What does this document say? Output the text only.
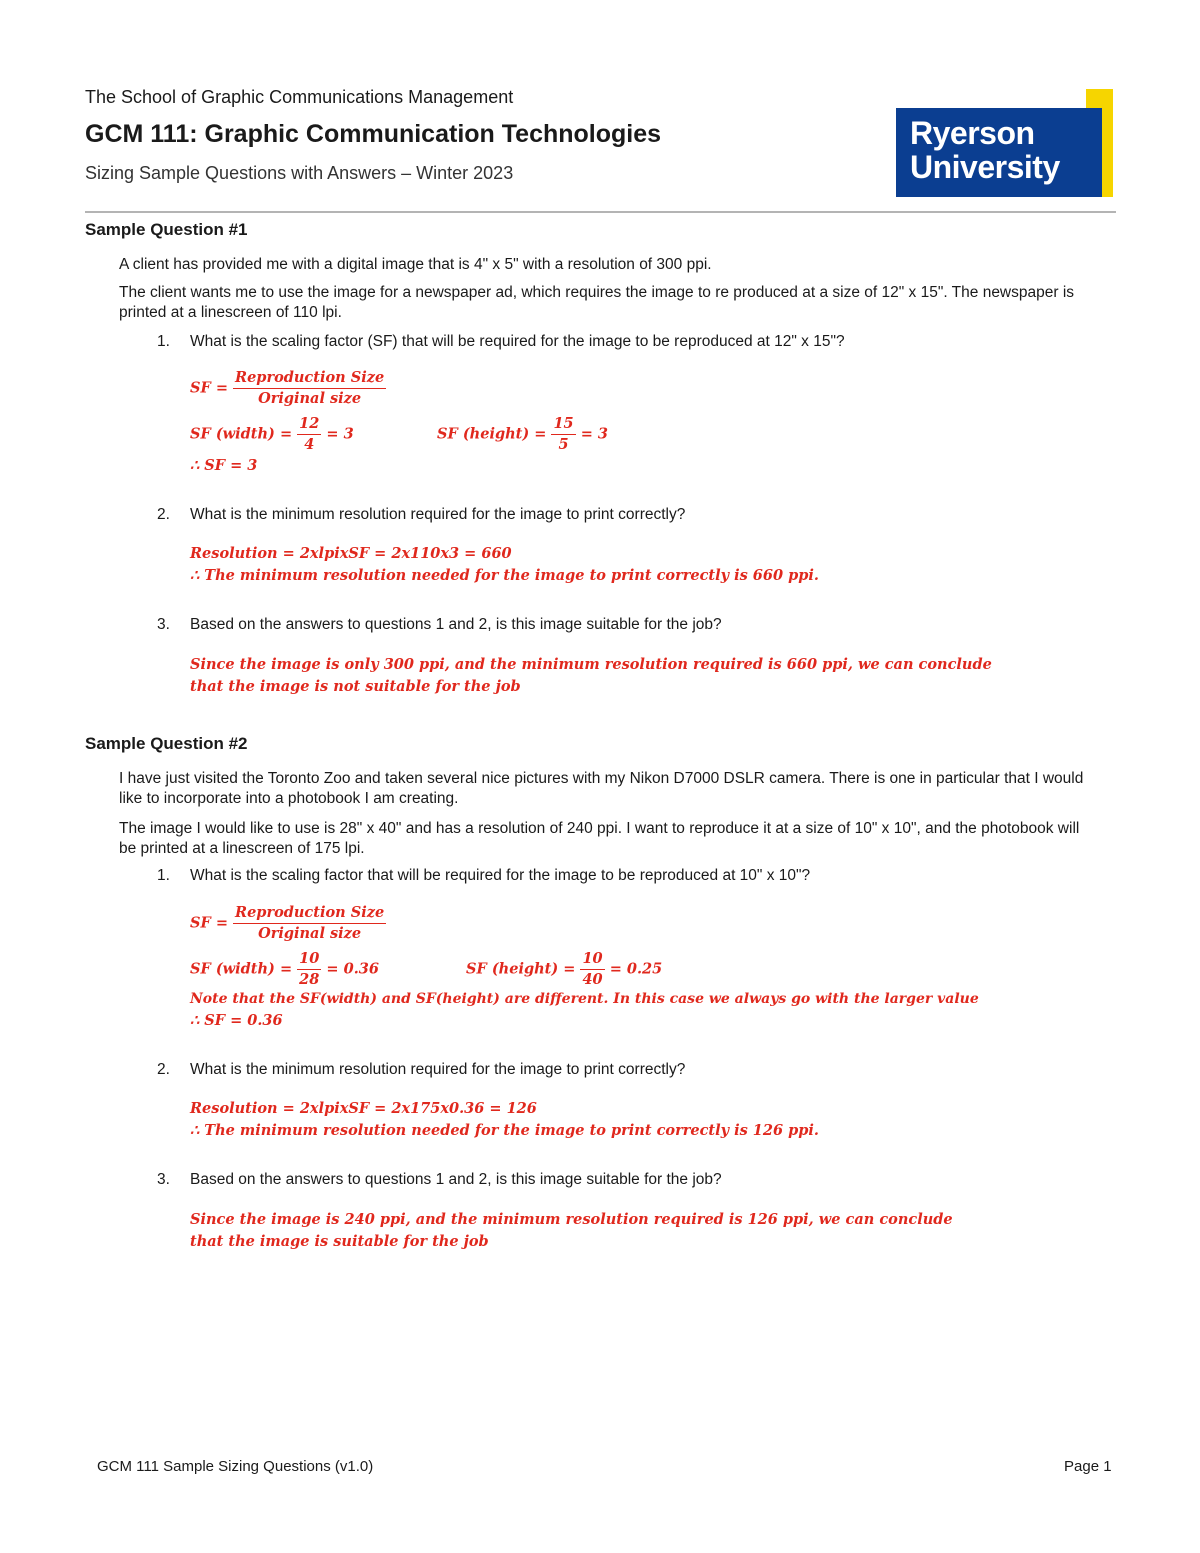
The School of Graphic Communications Management
GCM 111: Graphic Communication Technologies
Sizing Sample Questions with Answers – Winter 2023
Ryerson
University
Sample Question #1
A client has provided me with a digital image that is 4" x 5" with a resolution of 300 ppi.
The client wants me to use the image for a newspaper ad, which requires the image to re produced at a size of 12" x 15". The newspaper is printed at a linescreen of 110 lpi.
1. What is the scaling factor (SF) that will be required for the image to be reproduced at 12" x 15"?
SF = $\frac{\text{Reproduction Size}}{\text{Original size}}$
SF (width) = $\frac{12}{4} = 3$	SF (height) = $\frac{15}{5} = 3$
∴ SF = 3
2. What is the minimum resolution required for the image to print correctly?
Resolution = 2xlpixSF = 2x110x3 = 660
∴ The minimum resolution needed for the image to print correctly is 660 ppi.
3. Based on the answers to questions 1 and 2, is this image suitable for the job?
Since the image is only 300 ppi, and the minimum resolution required is 660 ppi, we can conclude
that the image is not suitable for the job
Sample Question #2
I have just visited the Toronto Zoo and taken several nice pictures with my Nikon D7000 DSLR camera. There is one in particular that I would like to incorporate into a photobook I am creating.
The image I would like to use is 28" x 40" and has a resolution of 240 ppi. I want to reproduce it at a size of 10" x 10", and the photobook will be printed at a linescreen of 175 lpi.
1. What is the scaling factor that will be required for the image to be reproduced at 10" x 10"?
SF = $\frac{\text{Reproduction Size}}{\text{Original size}}$
SF (width) = $\frac{10}{28} = 0.36$	SF (height) = $\frac{10}{40} = 0.25$
Note that the SF(width) and SF(height) are different. In this case we always go with the larger value
∴ SF = 0.36
2. What is the minimum resolution required for the image to print correctly?
Resolution = 2xlpixSF = 2x175x0.36 = 126
∴ The minimum resolution needed for the image to print correctly is 126 ppi.
3. Based on the answers to questions 1 and 2, is this image suitable for the job?
Since the image is 240 ppi, and the minimum resolution required is 126 ppi, we can conclude
that the image is suitable for the job
GCM 111 Sample Sizing Questions (v1.0)	Page 1
